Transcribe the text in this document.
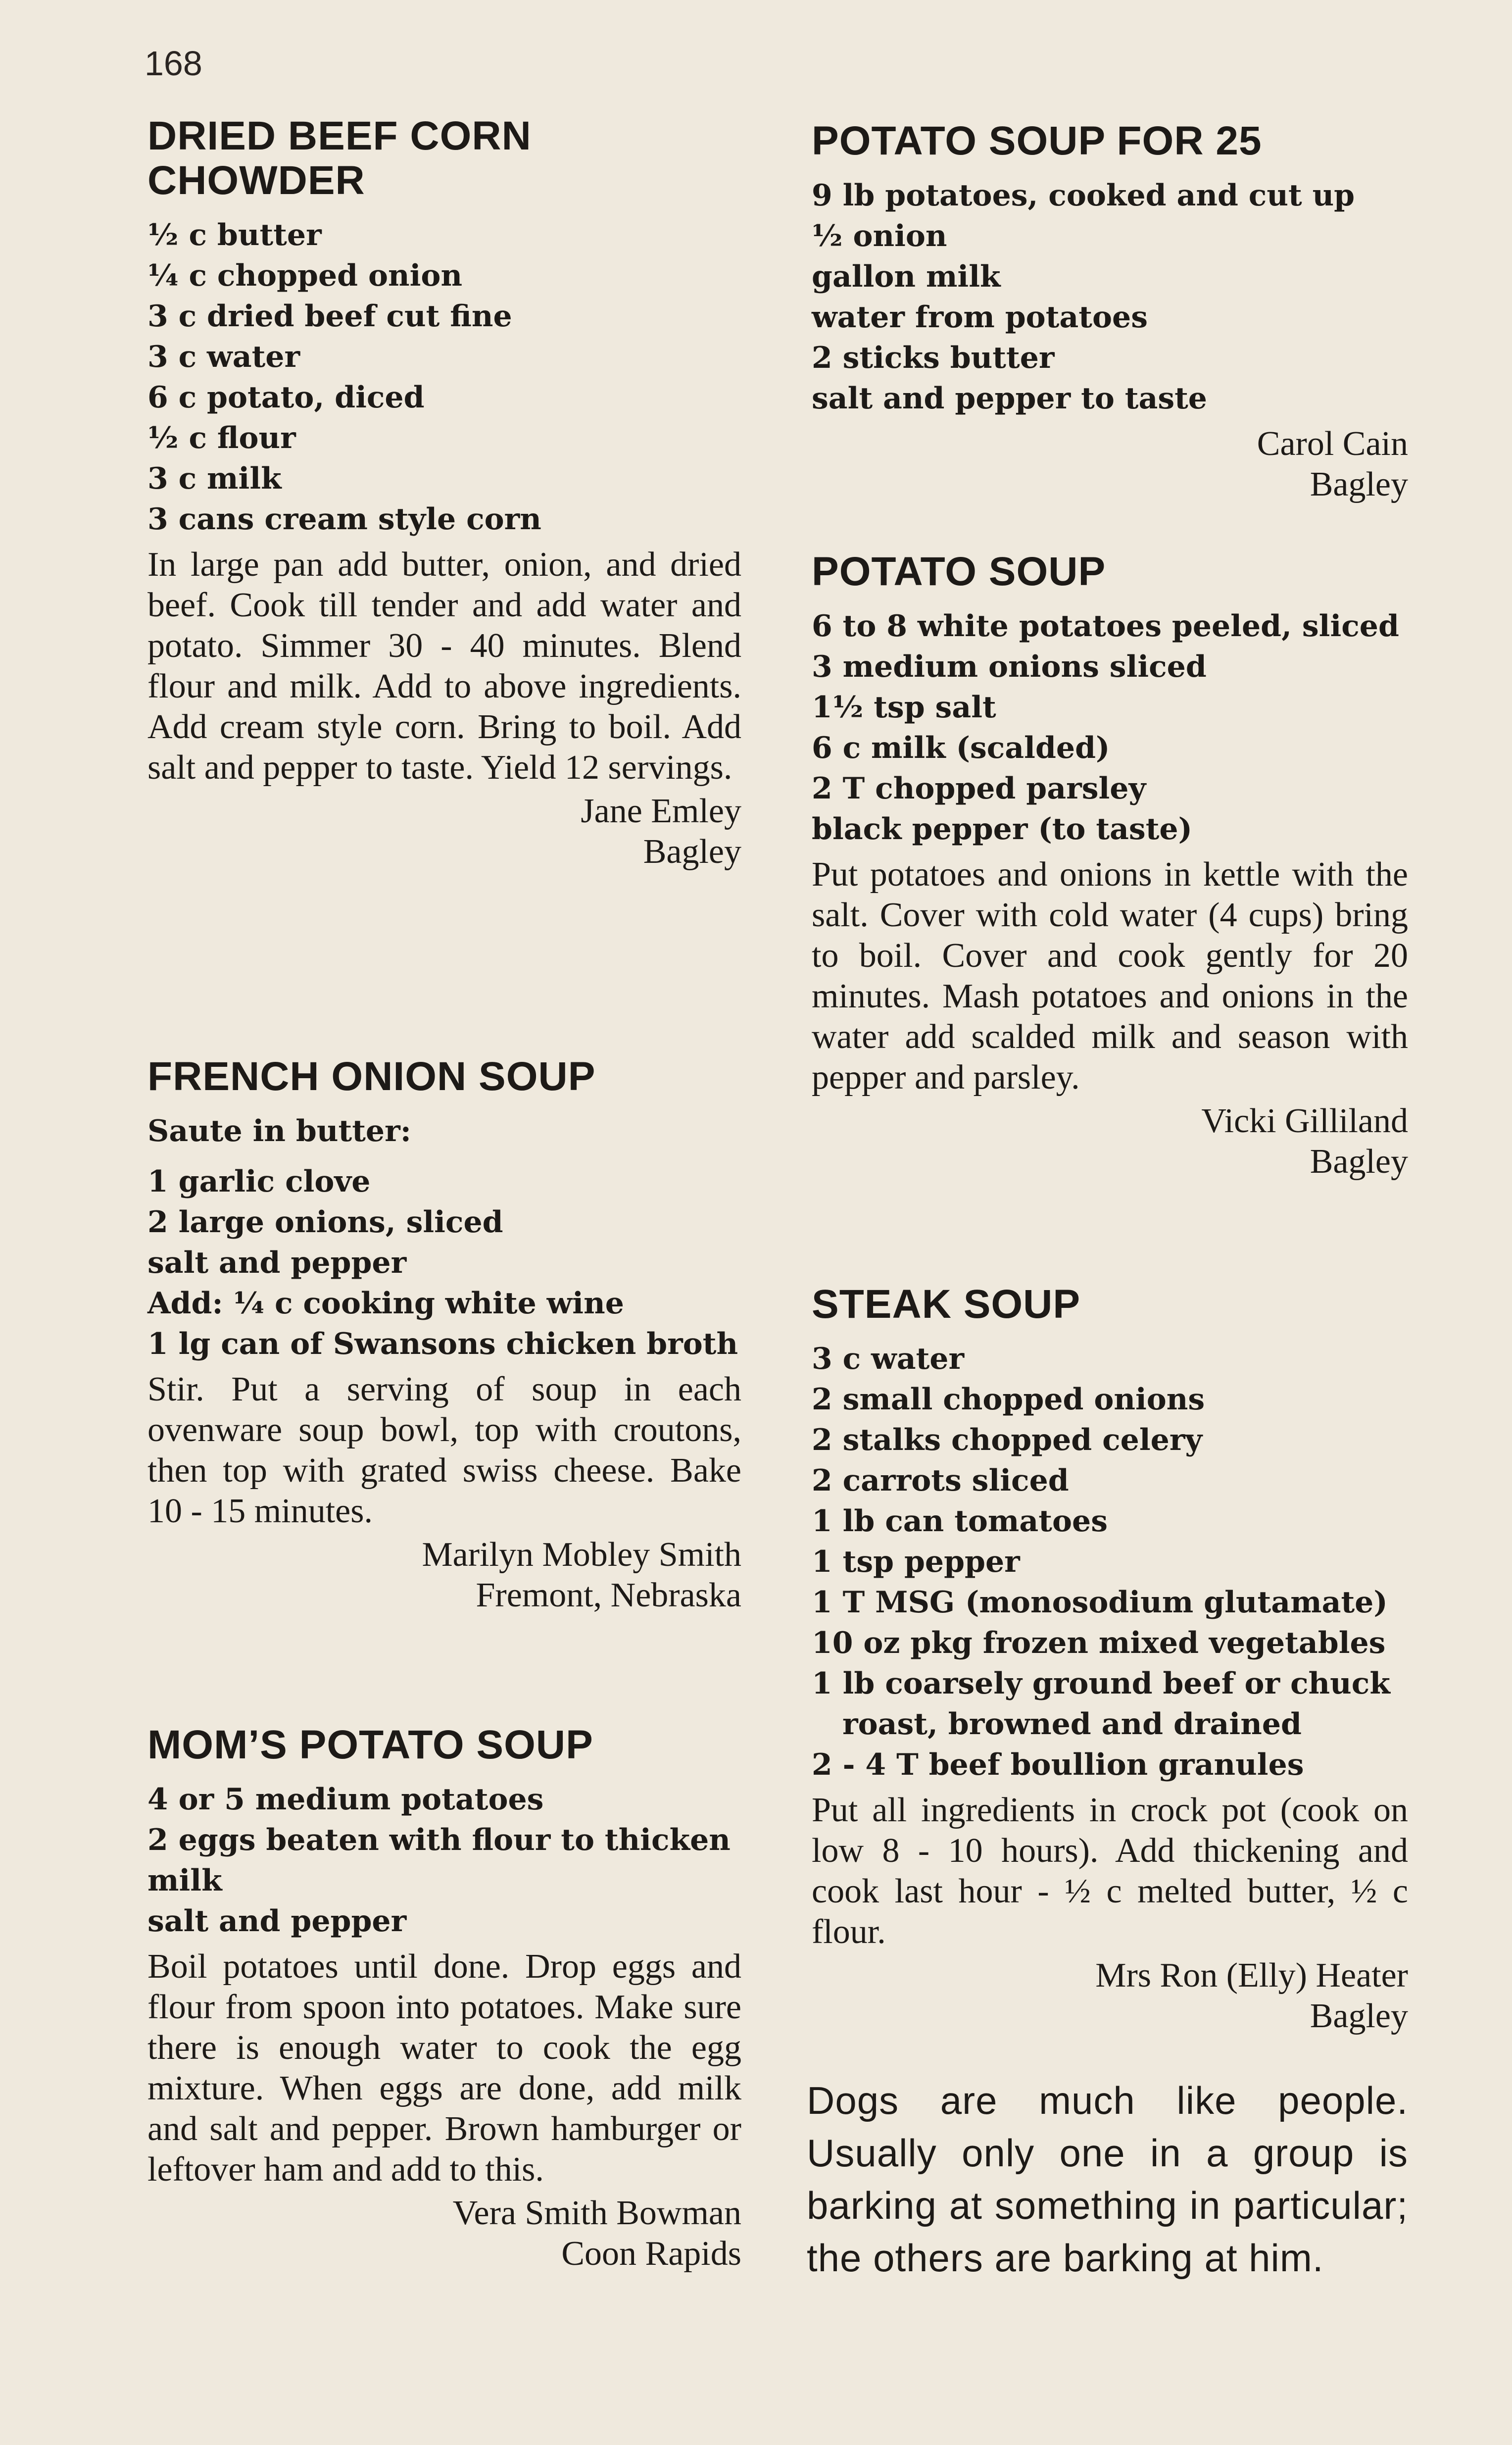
168
DRIED BEEF CORN CHOWDER
½ c butter
¼ c chopped onion
3 c dried beef cut fine
3 c water
6 c potato, diced
½ c flour
3 c milk
3 cans cream style corn
In large pan add butter, onion, and dried beef. Cook till tender and add water and potato. Simmer 30 - 40 minutes. Blend flour and milk. Add to above ingredients. Add cream style corn. Bring to boil. Add salt and pepper to taste. Yield 12 servings.
Jane Emley
Bagley
FRENCH ONION SOUP
Saute in butter:
1 garlic clove
2 large onions, sliced
salt and pepper
Add: ¼ c cooking white wine
1 lg can of Swansons chicken broth
Stir. Put a serving of soup in each ovenware soup bowl, top with croutons, then top with grated swiss cheese. Bake 10 - 15 minutes.
Marilyn Mobley Smith
Fremont, Nebraska
MOM’S POTATO SOUP
4 or 5 medium potatoes
2 eggs beaten with flour to thicken
milk
salt and pepper
Boil potatoes until done. Drop eggs and flour from spoon into potatoes. Make sure there is enough water to cook the egg mixture. When eggs are done, add milk and salt and pepper. Brown hamburger or leftover ham and add to this.
Vera Smith Bowman
Coon Rapids
POTATO SOUP FOR 25
9 lb potatoes, cooked and cut up
½ onion
gallon milk
water from potatoes
2 sticks butter
salt and pepper to taste
Carol Cain
Bagley
POTATO SOUP
6 to 8 white potatoes peeled, sliced
3 medium onions sliced
1½ tsp salt
6 c milk (scalded)
2 T chopped parsley
black pepper (to taste)
Put potatoes and onions in kettle with the salt. Cover with cold water (4 cups) bring to boil. Cover and cook gently for 20 minutes. Mash potatoes and onions in the water add scalded milk and season with pepper and parsley.
Vicki Gilliland
Bagley
STEAK SOUP
3 c water
2 small chopped onions
2 stalks chopped celery
2 carrots sliced
1 lb can tomatoes
1 tsp pepper
1 T MSG (monosodium glutamate)
10 oz pkg frozen mixed vegetables
1 lb coarsely ground beef or chuck
roast, browned and drained
2 - 4 T beef boullion granules
Put all ingredients in crock pot (cook on low 8 - 10 hours). Add thickening and cook last hour - ½ c melted butter, ½ c flour.
Mrs Ron (Elly) Heater
Bagley
Dogs are much like people. Usually only one in a group is barking at something in particular; the others are barking at him.
